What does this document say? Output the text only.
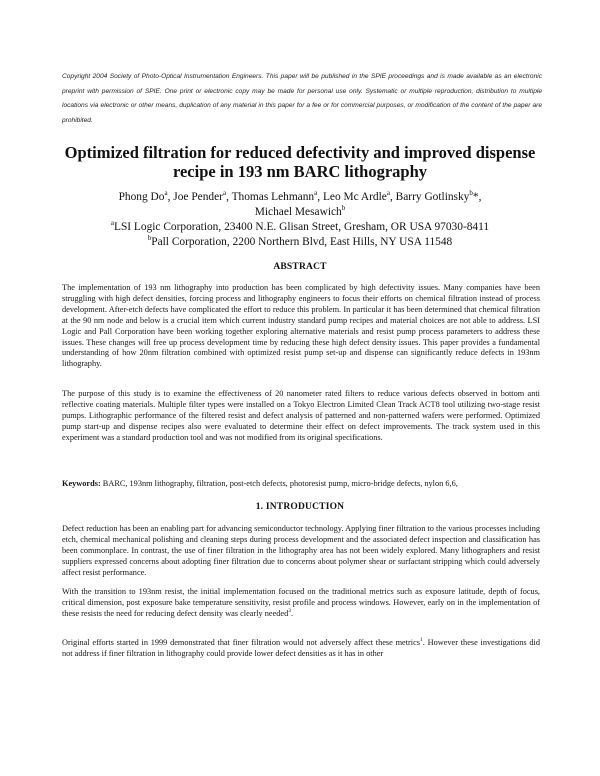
Copyright 2004 Society of Photo-Optical Instrumentation Engineers. This paper will be published in the SPIE proceedings and is made available as an electronic preprint with permission of SPIE. One print or electronic copy may be made for personal use only. Systematic or multiple reproduction, distribution to multiple locations via electronic or other means, duplication of any material in this paper for a fee or for commercial purposes, or modification of the content of the paper are prohibited.
Optimized filtration for reduced defectivity and improved dispense
recipe in 193 nm BARC lithography
Phong Do$^a$, Joe Pender$^a$, Thomas Lehmann$^a$, Leo Mc Ardle$^a$, Barry Gotlinsky$^b$*,
Michael Mesawich$^b$
$^a$LSI Logic Corporation, 23400 N.E. Glisan Street, Gresham, OR USA 97030-8411
$^b$Pall Corporation, 2200 Northern Blvd, East Hills, NY USA 11548
ABSTRACT
The implementation of 193 nm lithography into production has been complicated by high defectivity issues. Many companies have been struggling with high defect densities, forcing process and lithography engineers to focus their efforts on chemical filtration instead of process development. After-etch defects have complicated the effort to reduce this problem. In particular it has been determined that chemical filtration at the 90 nm node and below is a crucial item which current industry standard pump recipes and material choices are not able to address. LSI Logic and Pall Corporation have been working together exploring alternative materials and resist pump process parameters to address these issues. These changes will free up process development time by reducing these high defect density issues. This paper provides a fundamental understanding of how 20nm filtration combined with optimized resist pump set-up and dispense can significantly reduce defects in 193nm lithography.
The purpose of this study is to examine the effectiveness of 20 nanometer rated filters to reduce various defects observed in bottom anti reflective coating materials. Multiple filter types were installed on a Tokyo Electron Limited Clean Track ACT8 tool utilizing two-stage resist pumps. Lithographic performance of the filtered resist and defect analysis of patterned and non-patterned wafers were performed. Optimized pump start-up and dispense recipes also were evaluated to determine their effect on defect improvements. The track system used in this experiment was a standard production tool and was not modified from its original specifications.
Keywords: BARC, 193nm lithography, filtration, post-etch defects, photoresist pump, micro-bridge defects, nylon 6,6,
1. INTRODUCTION
Defect reduction has been an enabling part for advancing semiconductor technology. Applying finer filtration to the various processes including etch, chemical mechanical polishing and cleaning steps during process development and the associated defect inspection and classification has been commonplace. In contrast, the use of finer filtration in the lithography area has not been widely explored. Many lithographers and resist suppliers expressed concerns about adopting finer filtration due to concerns about polymer shear or surfactant stripping which could adversely affect resist performance.
With the transition to 193nm resist, the initial implementation focused on the traditional metrics such as exposure latitude, depth of focus, critical dimension, post exposure bake temperature sensitivity, resist profile and process windows. However, early on in the implementation of these resists the need for reducing defect density was clearly needed$^3$.
Original efforts started in 1999 demonstrated that finer filtration would not adversely affect these metrics$^1$. However these investigations did not address if finer filtration in lithography could provide lower defect densities as it has in other
